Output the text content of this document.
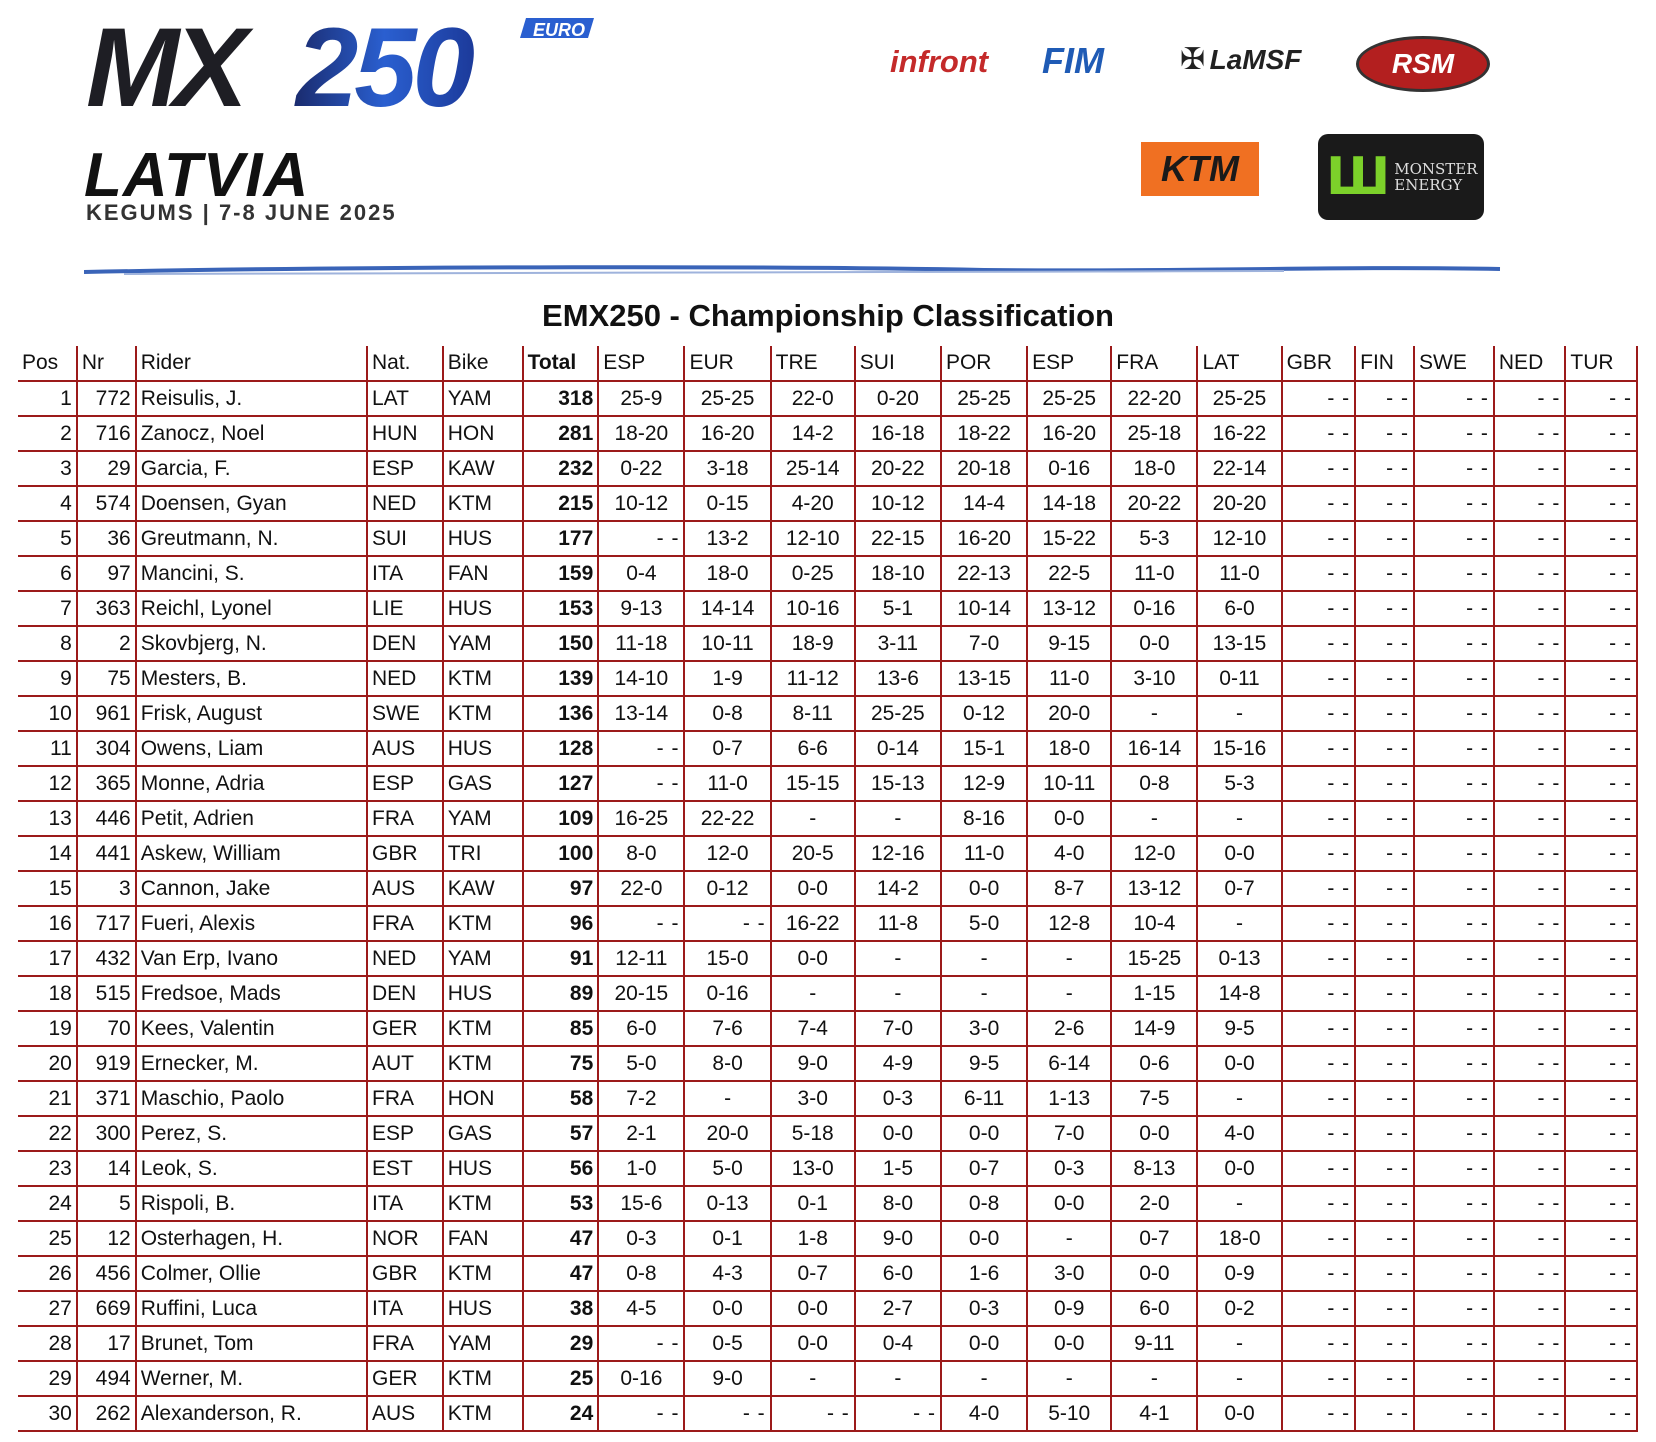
MX 250	EURO
LATVIA
KEGUMS | 7-8 JUNE 2025
infront FIM	✠ LaMSF	RSM
KTM Ш MONSTER ENERGY
EMX250 - Championship Classification
Pos	Nr	Rider	Nat.	Bike	Total	ESP	EUR	TRE	SUI	POR	ESP	FRA	LAT	GBR	FIN	SWE	NED	TUR
1	772	Reisulis, J.	LAT	YAM	318	25-9	25-25	22-0	0-20	25-25	25-25	22-20	25-25	- -	- -	- -	- -	- -
2	716	Zanocz, Noel	HUN	HON	281	18-20	16-20	14-2	16-18	18-22	16-20	25-18	16-22	- -	- -	- -	- -	- -
3	29	Garcia, F.	ESP	KAW	232	0-22	3-18	25-14	20-22	20-18	0-16	18-0	22-14	- -	- -	- -	- -	- -
4	574	Doensen, Gyan	NED	KTM	215	10-12	0-15	4-20	10-12	14-4	14-18	20-22	20-20	- -	- -	- -	- -	- -
5	36	Greutmann, N.	SUI	HUS	177	- -	13-2	12-10	22-15	16-20	15-22	5-3	12-10	- -	- -	- -	- -	- -
6	97	Mancini, S.	ITA	FAN	159	0-4	18-0	0-25	18-10	22-13	22-5	11-0	11-0	- -	- -	- -	- -	- -
7	363	Reichl, Lyonel	LIE	HUS	153	9-13	14-14	10-16	5-1	10-14	13-12	0-16	6-0	- -	- -	- -	- -	- -
8	2	Skovbjerg, N.	DEN	YAM	150	11-18	10-11	18-9	3-11	7-0	9-15	0-0	13-15	- -	- -	- -	- -	- -
9	75	Mesters, B.	NED	KTM	139	14-10	1-9	11-12	13-6	13-15	11-0	3-10	0-11	- -	- -	- -	- -	- -
10	961	Frisk, August	SWE	KTM	136	13-14	0-8	8-11	25-25	0-12	20-0	-	-	- -	- -	- -	- -	- -
11	304	Owens, Liam	AUS	HUS	128	- -	0-7	6-6	0-14	15-1	18-0	16-14	15-16	- -	- -	- -	- -	- -
12	365	Monne, Adria	ESP	GAS	127	- -	11-0	15-15	15-13	12-9	10-11	0-8	5-3	- -	- -	- -	- -	- -
13	446	Petit, Adrien	FRA	YAM	109	16-25	22-22	-	-	8-16	0-0	-	-	- -	- -	- -	- -	- -
14	441	Askew, William	GBR	TRI	100	8-0	12-0	20-5	12-16	11-0	4-0	12-0	0-0	- -	- -	- -	- -	- -
15	3	Cannon, Jake	AUS	KAW	97	22-0	0-12	0-0	14-2	0-0	8-7	13-12	0-7	- -	- -	- -	- -	- -
16	717	Fueri, Alexis	FRA	KTM	96	- -	- -	16-22	11-8	5-0	12-8	10-4	-	- -	- -	- -	- -	- -
17	432	Van Erp, Ivano	NED	YAM	91	12-11	15-0	0-0	-	-	-	15-25	0-13	- -	- -	- -	- -	- -
18	515	Fredsoe, Mads	DEN	HUS	89	20-15	0-16	-	-	-	-	1-15	14-8	- -	- -	- -	- -	- -
19	70	Kees, Valentin	GER	KTM	85	6-0	7-6	7-4	7-0	3-0	2-6	14-9	9-5	- -	- -	- -	- -	- -
20	919	Ernecker, M.	AUT	KTM	75	5-0	8-0	9-0	4-9	9-5	6-14	0-6	0-0	- -	- -	- -	- -	- -
21	371	Maschio, Paolo	FRA	HON	58	7-2	-	3-0	0-3	6-11	1-13	7-5	-	- -	- -	- -	- -	- -
22	300	Perez, S.	ESP	GAS	57	2-1	20-0	5-18	0-0	0-0	7-0	0-0	4-0	- -	- -	- -	- -	- -
23	14	Leok, S.	EST	HUS	56	1-0	5-0	13-0	1-5	0-7	0-3	8-13	0-0	- -	- -	- -	- -	- -
24	5	Rispoli, B.	ITA	KTM	53	15-6	0-13	0-1	8-0	0-8	0-0	2-0	-	- -	- -	- -	- -	- -
25	12	Osterhagen, H.	NOR	FAN	47	0-3	0-1	1-8	9-0	0-0	-	0-7	18-0	- -	- -	- -	- -	- -
26	456	Colmer, Ollie	GBR	KTM	47	0-8	4-3	0-7	6-0	1-6	3-0	0-0	0-9	- -	- -	- -	- -	- -
27	669	Ruffini, Luca	ITA	HUS	38	4-5	0-0	0-0	2-7	0-3	0-9	6-0	0-2	- -	- -	- -	- -	- -
28	17	Brunet, Tom	FRA	YAM	29	- -	0-5	0-0	0-4	0-0	0-0	9-11	-	- -	- -	- -	- -	- -
29	494	Werner, M.	GER	KTM	25	0-16	9-0	-	-	-	-	-	-	- -	- -	- -	- -	- -
30	262	Alexanderson, R.	AUS	KTM	24	- -	- -	- -	- -	4-0	5-10	4-1	0-0	- -	- -	- -	- -	- -
